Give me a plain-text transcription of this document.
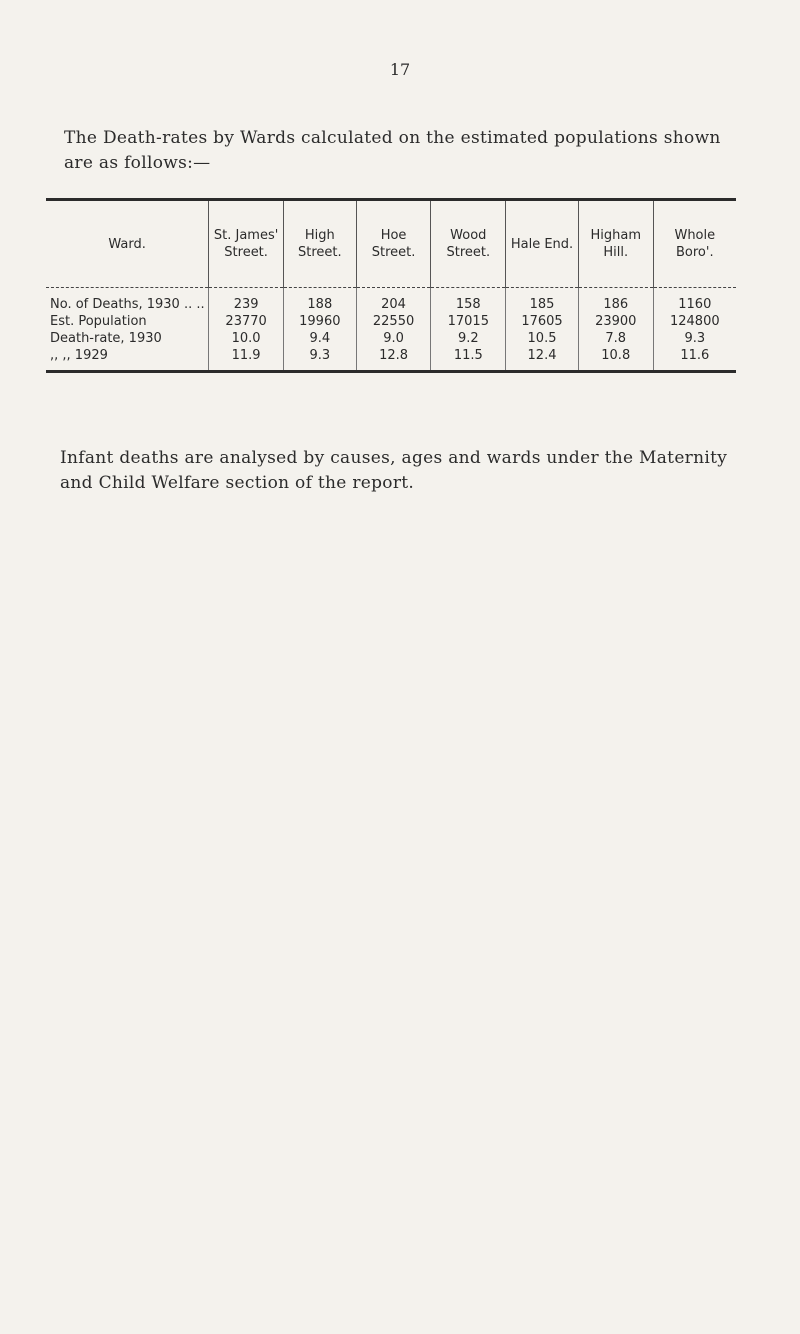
17

The Death-rates by Wards calculated on the estimated populations shown are as follows:—

Ward.	St. James' Street.	High Street.	Hoe Street.	Wood Street.	Hale End.	Higham Hill.	Whole Boro'.
No. of Deaths, 1930 .. ..	239	188	204	158	185	186	1160
Est. Population	23770	19960	22550	17015	17605	23900	124800
Death-rate, 1930	10.0	9.4	9.0	9.2	10.5	7.8	9.3
,, ,, 1929	11.9	9.3	12.8	11.5	12.4	10.8	11.6

Infant deaths are analysed by causes, ages and wards under the Maternity and Child Welfare section of the report.
